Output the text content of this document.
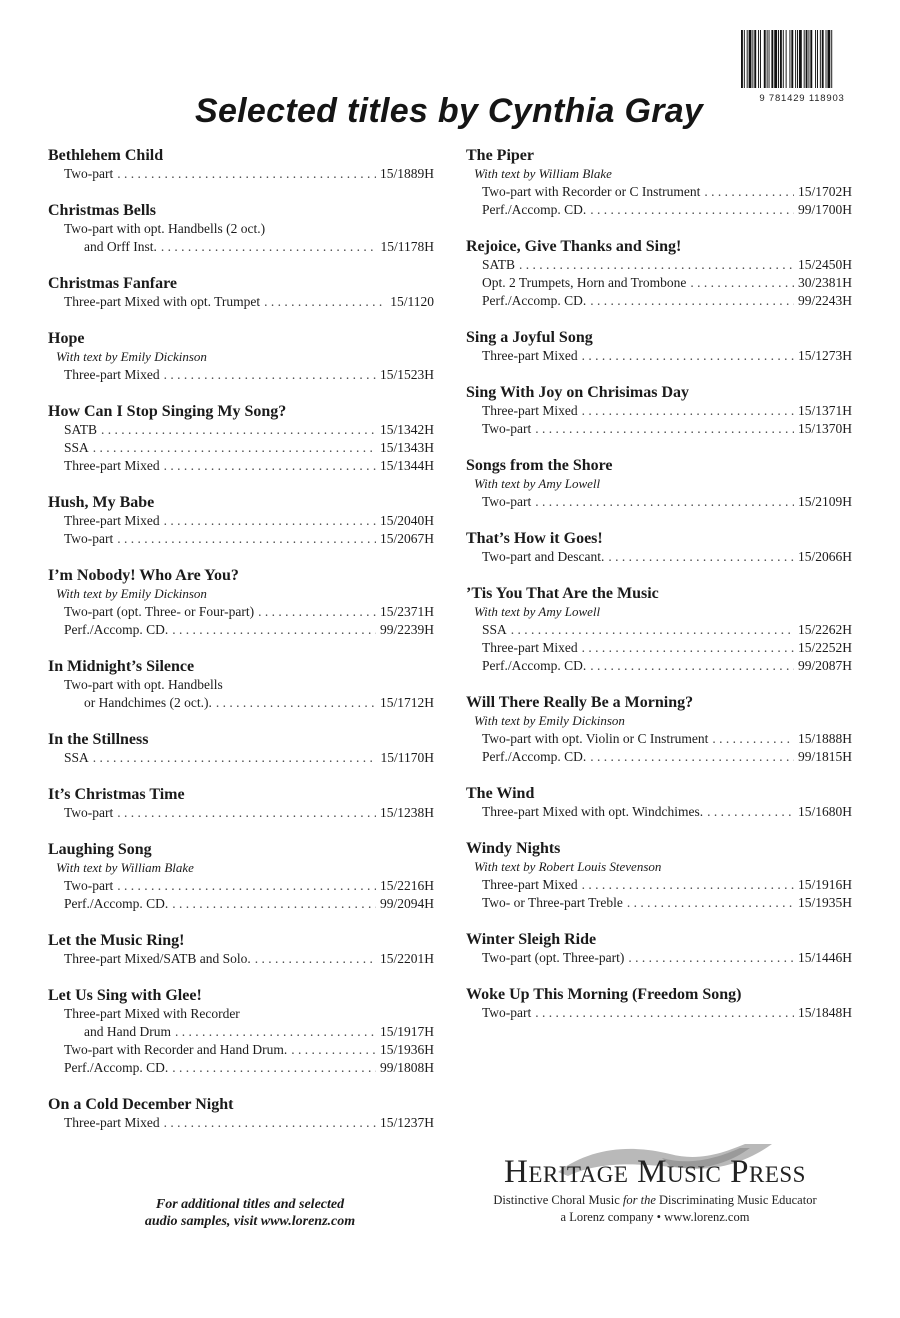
9 781429 118903
Selected titles by Cynthia Gray
Bethlehem Child
Two-part . . .	15/1889H
Christmas Bells
Two-part with opt. Handbells (2 oct.)
and Orff Inst. . . .	15/1178H
Christmas Fanfare
Three-part Mixed with opt. Trumpet . . .	15/1120
Hope
With text by Emily Dickinson
Three-part Mixed . . .	15/1523H
How Can I Stop Singing My Song?
SATB . . .	15/1342H
SSA . . .	15/1343H
Three-part Mixed . . .	15/1344H
Hush, My Babe
Three-part Mixed . . .	15/2040H
Two-part . . .	15/2067H
I’m Nobody! Who Are You?
With text by Emily Dickinson
Two-part (opt. Three- or Four-part) . . .	15/2371H
Perf./Accomp. CD. . . .	99/2239H
In Midnight’s Silence
Two-part with opt. Handbells
or Handchimes (2 oct.). . . .	15/1712H
In the Stillness
SSA . . .	15/1170H
It’s Christmas Time
Two-part . . .	15/1238H
Laughing Song
With text by William Blake
Two-part . . .	15/2216H
Perf./Accomp. CD. . . .	99/2094H
Let the Music Ring!
Three-part Mixed/SATB and Solo. . . .	15/2201H
Let Us Sing with Glee!
Three-part Mixed with Recorder
and Hand Drum . . .	15/1917H
Two-part with Recorder and Hand Drum. . . .	15/1936H
Perf./Accomp. CD. . . .	99/1808H
On a Cold December Night
Three-part Mixed . . .	15/1237H
The Piper
With text by William Blake
Two-part with Recorder or C Instrument . . .	15/1702H
Perf./Accomp. CD. . . .	99/1700H
Rejoice, Give Thanks and Sing!
SATB . . .	15/2450H
Opt. 2 Trumpets, Horn and Trombone . . .	30/2381H
Perf./Accomp. CD. . . .	99/2243H
Sing a Joyful Song
Three-part Mixed . . .	15/1273H
Sing With Joy on Chrisimas Day
Three-part Mixed . . .	15/1371H
Two-part . . .	15/1370H
Songs from the Shore
With text by Amy Lowell
Two-part . . .	15/2109H
That’s How it Goes!
Two-part and Descant. . . .	15/2066H
’Tis You That Are the Music
With text by Amy Lowell
SSA . . .	15/2262H
Three-part Mixed . . .	15/2252H
Perf./Accomp. CD. . . .	99/2087H
Will There Really Be a Morning?
With text by Emily Dickinson
Two-part with opt. Violin or C Instrument . . .	15/1888H
Perf./Accomp. CD. . . .	99/1815H
The Wind
Three-part Mixed with opt. Windchimes. . . .	15/1680H
Windy Nights
With text by Robert Louis Stevenson
Three-part Mixed . . .	15/1916H
Two- or Three-part Treble . . .	15/1935H
Winter Sleigh Ride
Two-part (opt. Three-part) . . .	15/1446H
Woke Up This Morning (Freedom Song)
Two-part . . .	15/1848H
For additional titles and selected
audio samples, visit www.lorenz.com
Heritage Music Press
Distinctive Choral Music for the Discriminating Music Educator
a Lorenz company • www.lorenz.com
